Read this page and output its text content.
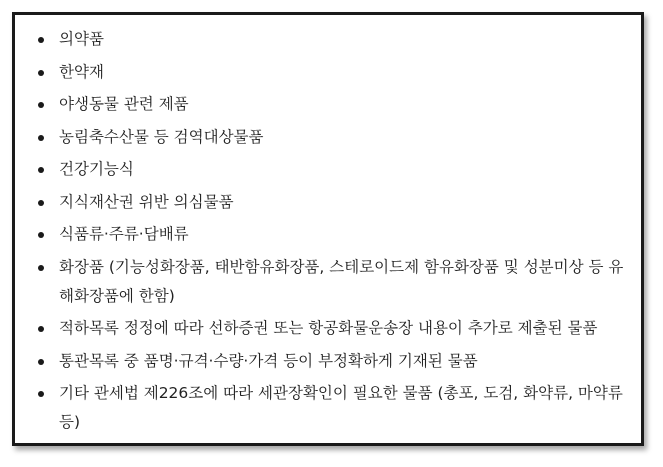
의약품
한약재
야생동물 관련 제품
농림축수산물 등 검역대상물품
건강기능식
지식재산권 위반 의심물품
식품류·주류·담배류
화장품 (기능성화장품, 태반함유화장품, 스테로이드제 함유화장품 및 성분미상 등 유해화장품에 한함)
적하목록 정정에 따라 선하증권 또는 항공화물운송장 내용이 추가로 제출된 물품
통관목록 중 품명·규격·수량·가격 등이 부정확하게 기재된 물품
기타 관세법 제226조에 따라 세관장확인이 필요한 물품 (총포, 도검, 화약류, 마약류 등)
